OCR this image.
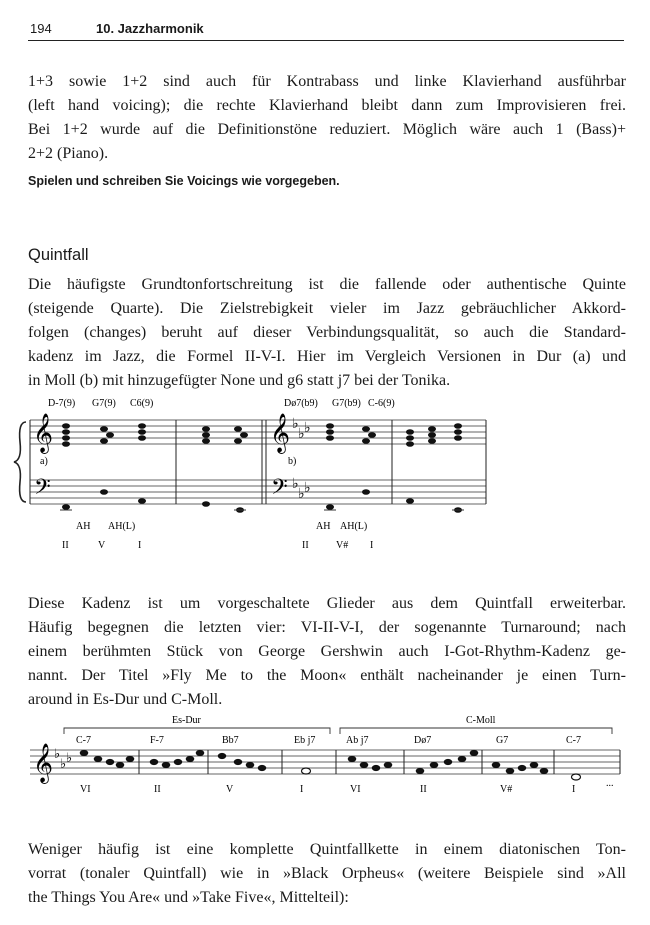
194	10. Jazzharmonik
1+3 sowie 1+2 sind auch für Kontrabass und linke Klavierhand ausführbar
(left hand voicing); die rechte Klavierhand bleibt dann zum Improvisieren frei.
Bei 1+2 wurde auf die Definitionstöne reduziert. Möglich wäre auch 1 (Bass)+
2+2 (Piano).
Spielen und schreiben Sie Voicings wie vorgegeben.
Quintfall
Die häufigste Grundtonfortschreitung ist die fallende oder authentische Quinte
(steigende Quarte). Die Zielstrebigkeit vieler im Jazz gebräuchlicher Akkord-
folgen (changes) beruht auf dieser Verbindungsqualität, so auch die Standard-
kadenz im Jazz, die Formel II-V-I. Hier im Vergleich Versionen in Dur (a) und
in Moll (b) mit hinzugefügter None und g6 statt j7 bei der Tonika.
𝄞
𝄢
𝄞
𝄢
♭
♭ ♭
♭
♭ ♭
D-7(9) G7(9) C6(9)	Dø7(b9) G7(b9) C-6(9)
a)	b)
AH AH(L)
II	V	I
AH AH(L)
II	V# I
Diese Kadenz ist um vorgeschaltete Glieder aus dem Quintfall erweiterbar.
Häufig begegnen die letzten vier: VI-II-V-I, der sogenannte Turnaround; nach
einem berühmten Stück von George Gershwin auch I-Got-Rhythm-Kadenz ge-
nannt. Der Titel »Fly Me to the Moon« enthält nacheinander je einen Turn-
around in Es-Dur und C-Moll.
Es-Dur	C-Moll
C-7	F-7	Bb7	Eb j7	Ab j7	Dø7	G7	C-7
𝄞 ♭
♭ ♭
VI	II	V	I	VI	II	V#	I
...
Weniger häufig ist eine komplette Quintfallkette in einem diatonischen Ton-
vorrat (tonaler Quintfall) wie in »Black Orpheus« (weitere Beispiele sind »All
the Things You Are« und »Take Five«, Mittelteil):
